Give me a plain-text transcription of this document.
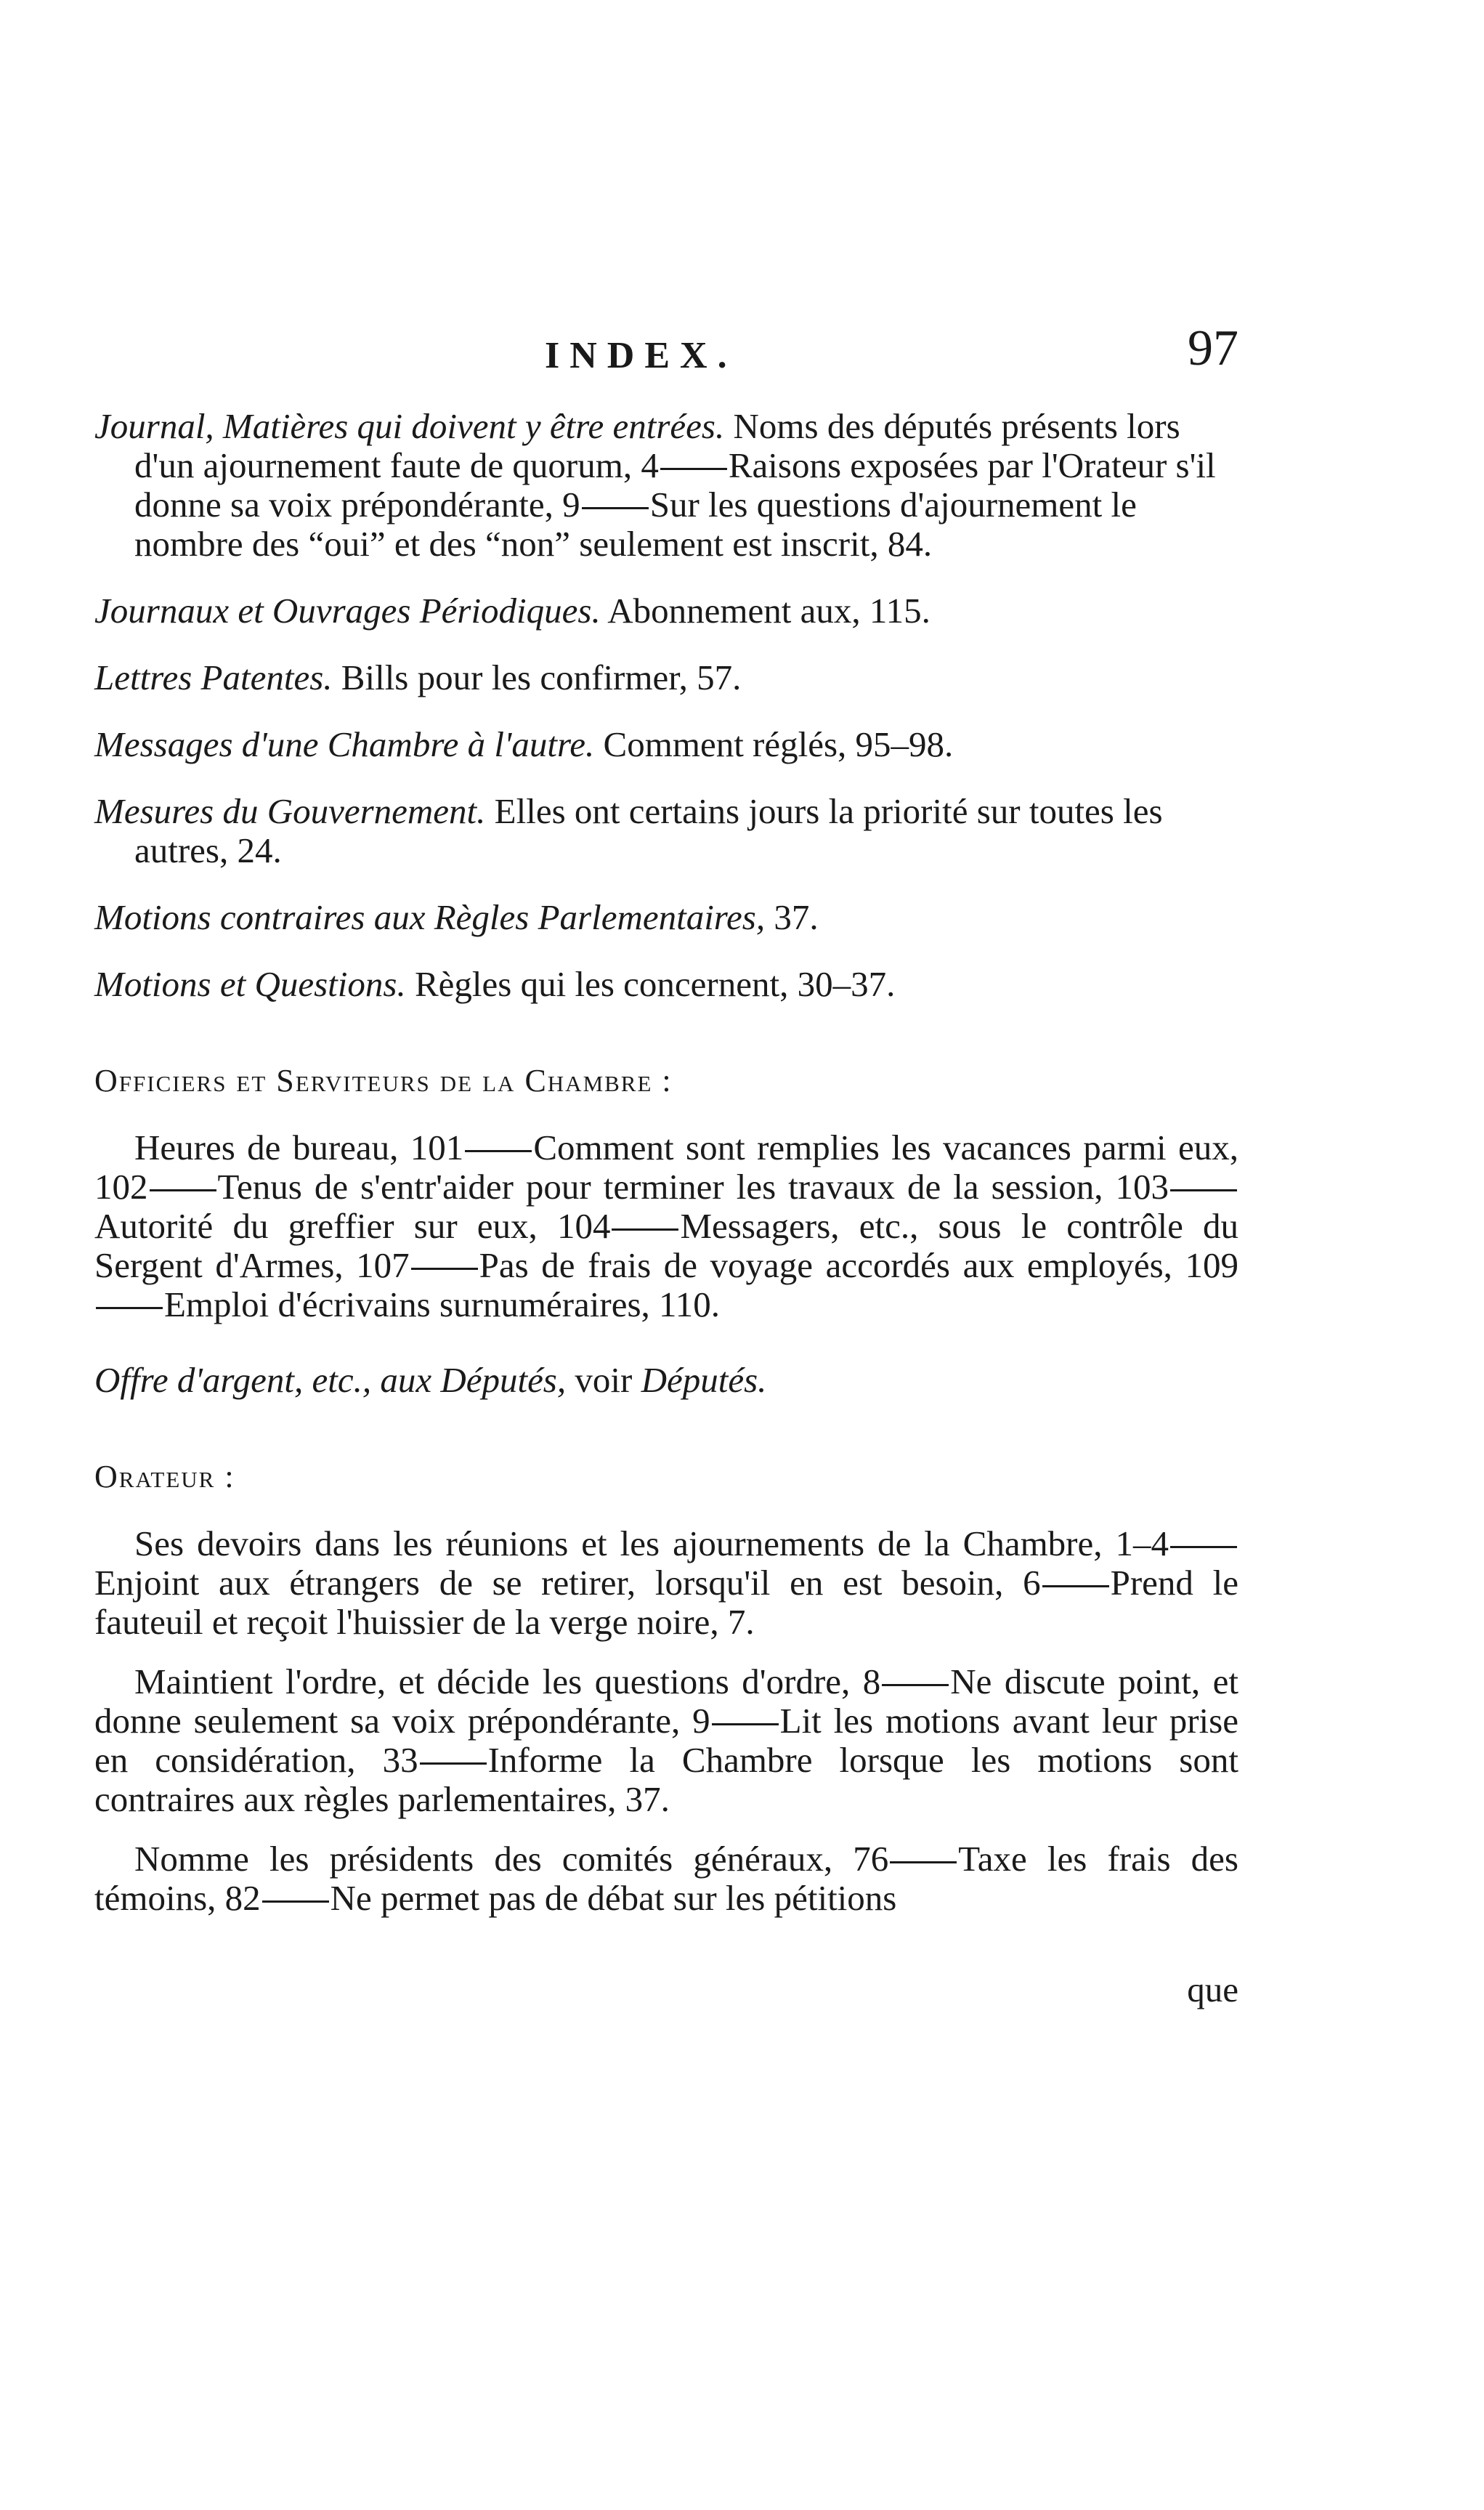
INDEX.	97
Journal, Matières qui doivent y être entrées. Noms des députés présents lors d'un ajournement faute de quorum, 4 Raisons exposées par l'Orateur s'il donne sa voix prépondérante, 9 Sur les questions d'ajournement le nombre des “oui” et des “non” seulement est inscrit, 84.
Journaux et Ouvrages Périodiques. Abonnement aux, 115.
Lettres Patentes. Bills pour les confirmer, 57.
Messages d'une Chambre à l'autre. Comment réglés, 95–98.
Mesures du Gouvernement. Elles ont certains jours la priorité sur toutes les autres, 24.
Motions contraires aux Règles Parlementaires, 37.
Motions et Questions. Règles qui les concernent, 30–37.
Officiers et Serviteurs de la Chambre :
Heures de bureau, 101 Comment sont remplies les vacances parmi eux, 102 Tenus de s'entr'aider pour terminer les travaux de la session, 103Autorité du greffier sur eux, 104 Messagers, etc., sous le contrôle du Sergent d'Armes, 107 Pas de frais de voyage accordés aux employés, 109Emploi d'écrivains surnuméraires, 110.
Offre d'argent, etc., aux Députés, voir Députés.
Orateur :
Ses devoirs dans les réunions et les ajournements de la Chambre, 1–4Enjoint aux étrangers de se retirer, lorsqu'il en est besoin, 6 Prend le fauteuil et reçoit l'huissier de la verge noire, 7.
Maintient l'ordre, et décide les questions d'ordre, 8 Ne discute point, et donne seulement sa voix prépondérante, 9 Lit les motions avant leur prise en considération, 33 Informe la Chambre lorsque les motions sont contraires aux règles parlementaires, 37.
Nomme les présidents des comités généraux, 76 Taxe les frais des témoins, 82 Ne permet pas de débat sur les pétitions
que
